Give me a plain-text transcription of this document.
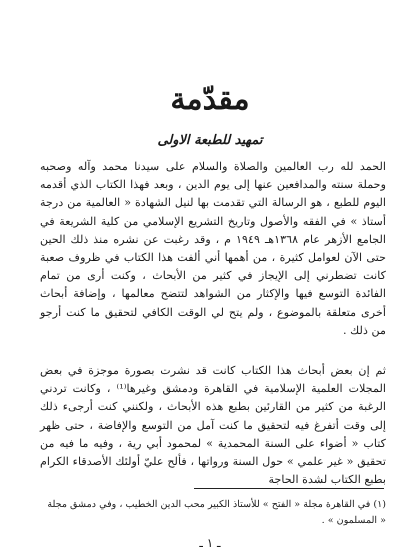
مقدّمة
تمهيد للطبعة الاولى

الحمد لله رب العالمين والصلاة والسلام على سيدنا محمد وآله وصحبه وحملة سنته والمدافعين عنها إلى يوم الدين ، وبعد فهذا الكتاب الذي أقدمه اليوم للطبع ، هو الرسالة التي تقدمت بها لنيل الشهادة « العالمية من درجة أستاذ » في الفقه والأصول وتاريخ التشريع الإسلامي من كلية الشريعة في الجامع الأزهر عام ١٣٦٨هـ ١٩٤٩ م ، وقد رغبت عن نشره منذ ذلك الحين حتى الآن لعوامل كثيرة ، من أهمها أني ألفت هذا الكتاب في ظروف صعبة كانت تضطرني إلى الإيجاز في كثير من الأبحاث ، وكنت أرى من تمام الفائدة التوسع فيها والإكثار من الشواهد لتتضح معالمها ، وإضافة أبحاث أخرى متعلقة بالموضوع ، ولم يتح لي الوقت الكافي لتحقيق ما كنت أرجو من ذلك .

ثم إن بعض أبحاث هذا الكتاب كانت قد نشرت بصورة موجزة في بعض المجلات العلمية الإسلامية في القاهرة ودمشق وغيرها⁽¹⁾ ، وكانت تردني الرغبة من كثير من القارئين بطبع هذه الأبحاث ، ولكنني كنت أرجىء ذلك إلى وقت أتفرغ فيه لتحقيق ما كنت آمل من التوسع والإفاضة ، حتى ظهر كتاب « أضواء على السنة المحمدية » لمحمود أبي رية ، وفيه ما فيه من تحقيق « غير علمي » حول السنة ورواتها ، فألح عليّ أولئك الأصدقاء الكرام بطبع الكتاب لشدة الحاجة

(١) في القاهرة مجلة « الفتح » للأستاذ الكبير محب الدين الخطيب ، وفي دمشق مجلة « المسلمون » .
ـ ١ ـ
